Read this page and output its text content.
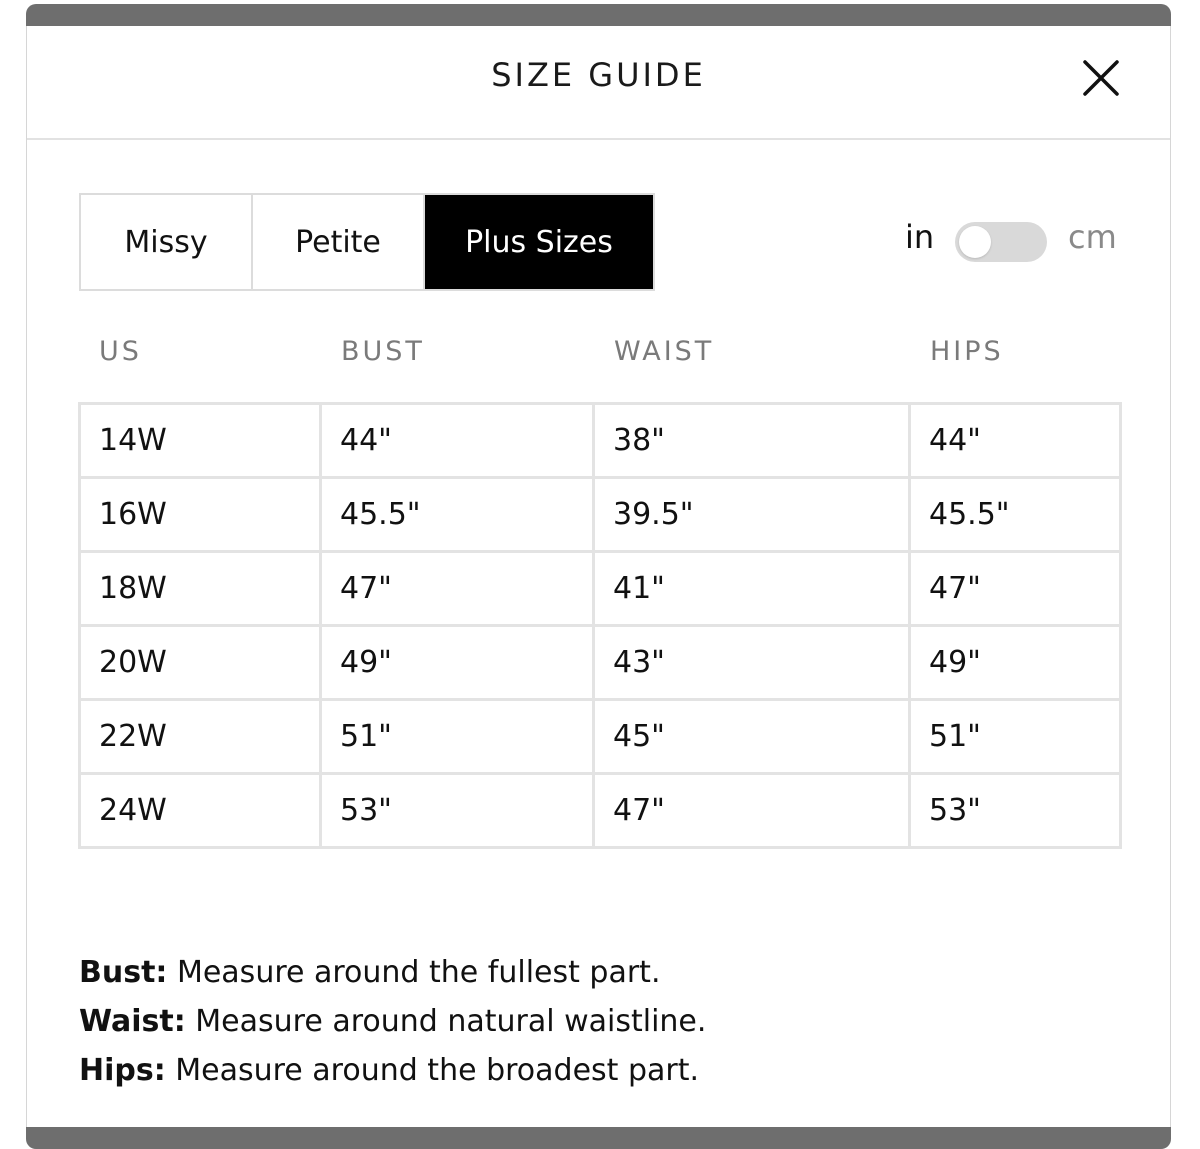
SIZE GUIDE
Missy	Petite	Plus Sizes	in	cm
US	BUST	WAIST	HIPS
14W	44"	38"	44"
16W	45.5"	39.5"	45.5"
18W	47"	41"	47"
20W	49"	43"	49"
22W	51"	45"	51"
24W	53"	47"	53"
Bust: Measure around the fullest part.
Waist: Measure around natural waistline.
Hips: Measure around the broadest part.
